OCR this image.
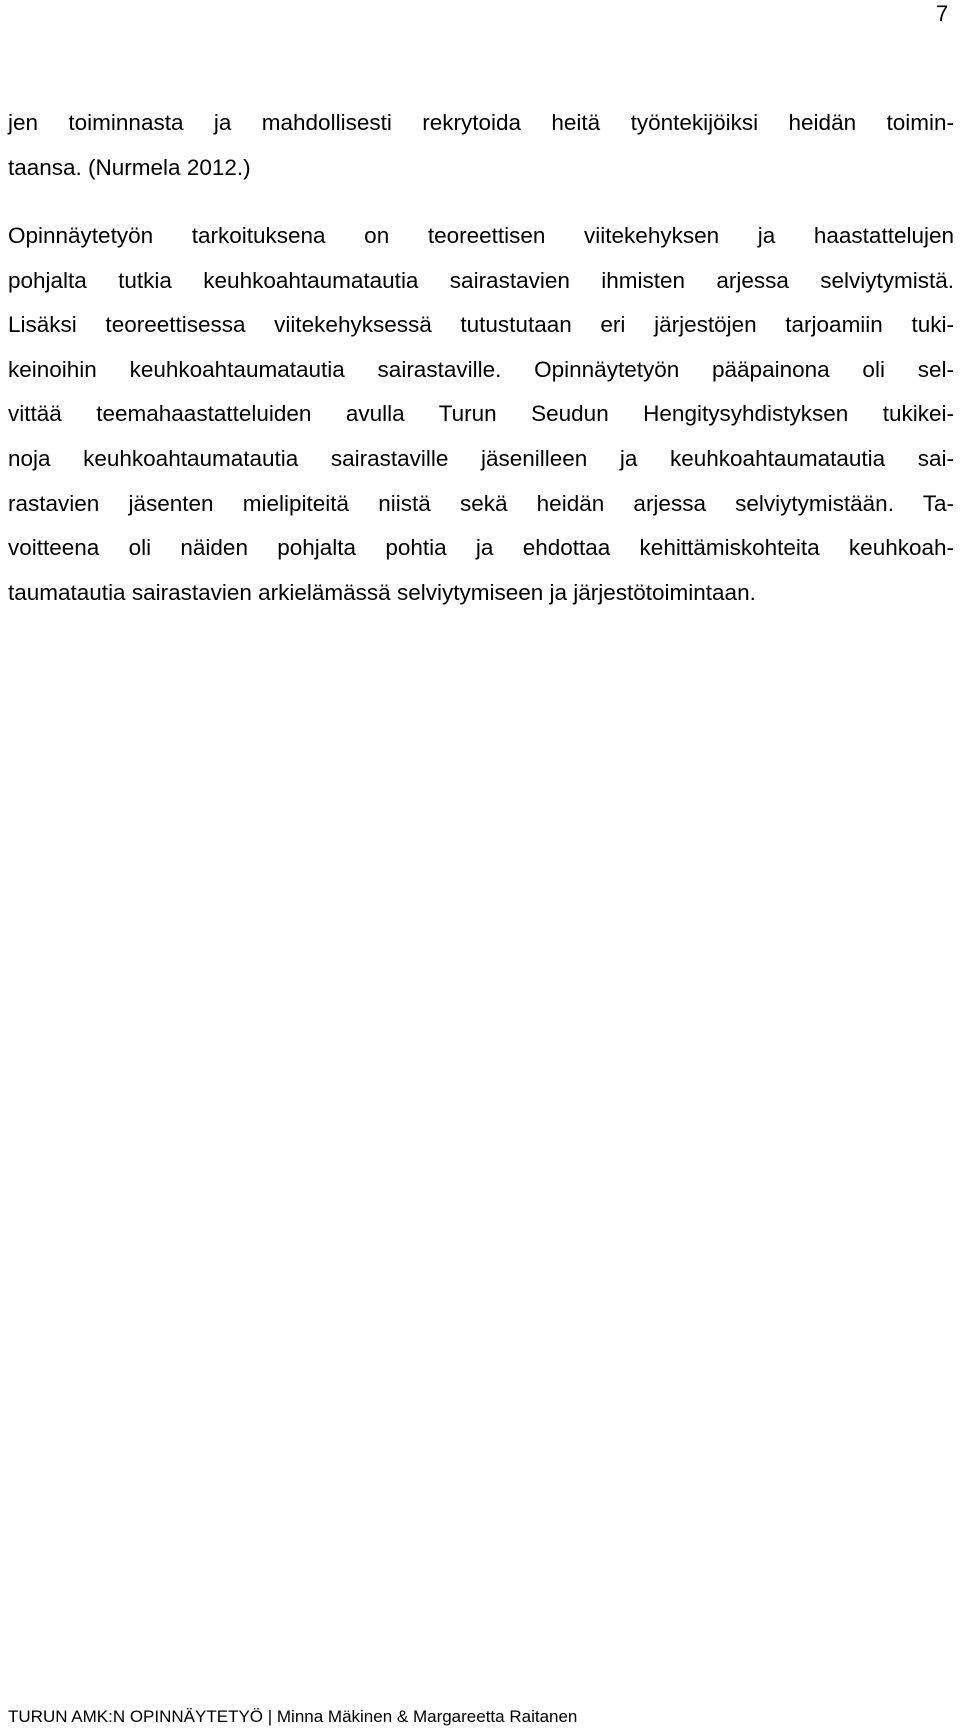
7
jen toiminnasta ja mahdollisesti rekrytoida heitä työntekijöiksi heidän toimin-
taansa. (Nurmela 2012.)
Opinnäytetyön tarkoituksena on teoreettisen viitekehyksen ja haastattelujen
pohjalta tutkia keuhkoahtaumatautia sairastavien ihmisten arjessa selviytymistä.
Lisäksi teoreettisessa viitekehyksessä tutustutaan eri järjestöjen tarjoamiin tuki-
keinoihin keuhkoahtaumatautia sairastaville. Opinnäytetyön pääpainona oli sel-
vittää teemahaastatteluiden avulla Turun Seudun Hengitysyhdistyksen tukikei-
noja keuhkoahtaumatautia sairastaville jäsenilleen ja keuhkoahtaumatautia sai-
rastavien jäsenten mielipiteitä niistä sekä heidän arjessa selviytymistään. Ta-
voitteena oli näiden pohjalta pohtia ja ehdottaa kehittämiskohteita keuhkoah-
taumatautia sairastavien arkielämässä selviytymiseen ja järjestötoimintaan.
TURUN AMK:N OPINNÄYTETYÖ | Minna Mäkinen & Margareetta Raitanen
